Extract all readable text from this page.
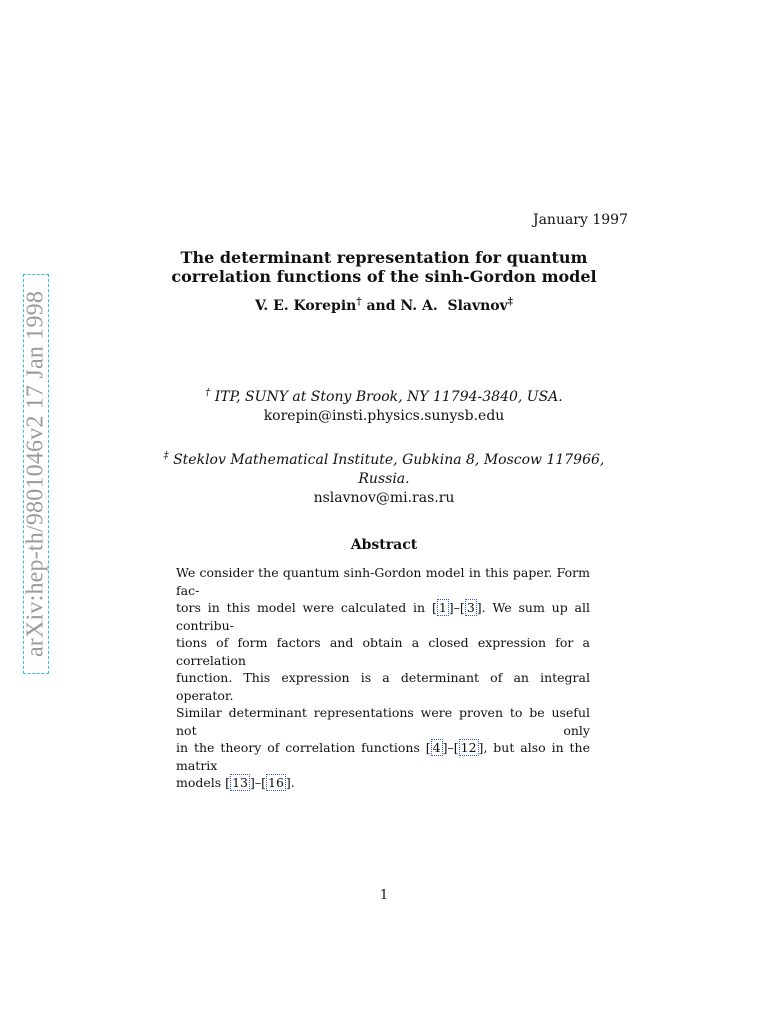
arXiv:hep-th/9801046v2 17 Jan 1998
January 1997
The determinant representation for quantum
correlation functions of the sinh-Gordon model
V. E. Korepin† and N. A.  Slavnov‡
† ITP, SUNY at Stony Brook, NY 11794-3840, USA.
korepin@insti.physics.sunysb.edu
‡ Steklov Mathematical Institute, Gubkina 8, Moscow 117966, Russia.
nslavnov@mi.ras.ru
Abstract
We consider the quantum sinh-Gordon model in this paper. Form fac-
tors in this model were calculated in [ 1 ]–[ 3 ]. We sum up all contribu-
tions of form factors and obtain a closed expression for a correlation
function. This expression is a determinant of an integral operator.
Similar determinant representations were proven to be useful not only
in the theory of correlation functions [ 4 ]–[ 12 ], but also in the matrix
models [ 13 ]–[ 16 ].
1
